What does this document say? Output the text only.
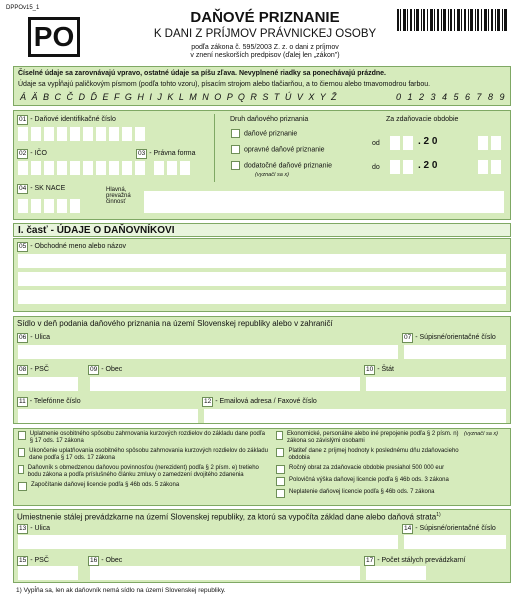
DPPOv15_1
PO
DAŇOVÉ PRIZNANIE
K DANI Z PRÍJMOV PRÁVNICKEJ OSOBY
podľa zákona č. 595/2003 Z. z. o dani z príjmov
v znení neskorších predpisov (ďalej len „zákon")
Číselné údaje sa zarovnávajú vpravo, ostatné údaje sa píšu zľava. Nevyplnené riadky sa ponechávajú prázdne.
Údaje sa vypĺňajú paličkovým písmom (podľa tohto vzoru), písacím strojom alebo tlačiarňou, a to čiernou alebo tmavomodrou farbou.
Á Ä B C Č D Ď E F G H I J K L M N O P Q R S T Ú V X Y Ž	0 1 2 3 4 5 6 7 8 9
01 - Daňové identifikačné číslo
02 - IČO	03 - Právna forma
04 - SK NACE	Hlavná, prevažná činnosť
Druh daňového priznania
daňové priznanie
opravné daňové priznanie
dodatočné daňové priznanie
(vyznačí sa x)
Za zdaňovacie obdobie
od	. 2 0
do	. 2 0
I. časť - ÚDAJE O DAŇOVNÍKOVI
05 - Obchodné meno alebo názov
Sídlo v deň podania daňového priznania na území Slovenskej republiky alebo v zahraničí
06 - Ulica	07 - Súpisné/orientačné číslo
08 - PSČ	09 - Obec	10 - Štát
11 - Telefónne číslo	12 - Emailová adresa / Faxové číslo
(vyznačí sa x)
Uplatnenie osobitného spôsobu zahrnovania kurzových rozdielov do základu dane podľa § 17 ods. 17 zákona
Ukončenie uplatňovania osobitného spôsobu zahrnovania kurzových rozdielov do základu dane podľa § 17 ods. 17 zákona
Daňovník s obmedzenou daňovou povinnosťou (nerezident) podľa § 2 písm. e) tretieho bodu zákona a podľa príslušného článku zmluvy o zamedzení dvojitého zdanenia
Započítanie daňovej licencie podľa § 46b ods. 5 zákona
Ekonomické, personálne alebo iné prepojenie podľa § 2 písm. n) zákona so závislými osobami
Platiteľ dane z príjmej hodnoty k poslednému dňu zdaňovacieho obdobia
Ročný obrat za zdaňovacie obdobie presiahol 500 000 eur
Polovičná výška daňovej licencie podľa § 46b ods. 3 zákona
Neplatenie daňovej licencie podľa § 46b ods. 7 zákona
Umiestnenie stálej prevádzkarne na území Slovenskej republiky, za ktorú sa vypočíta základ dane alebo daňová strata$^{1)}$
13 - Ulica	14 - Súpisné/orientačné číslo
15 - PSČ	16 - Obec	17 - Počet stálych prevádzkarní
1) Vypĺňa sa, len ak daňovník nemá sídlo na území Slovenskej republiky.
